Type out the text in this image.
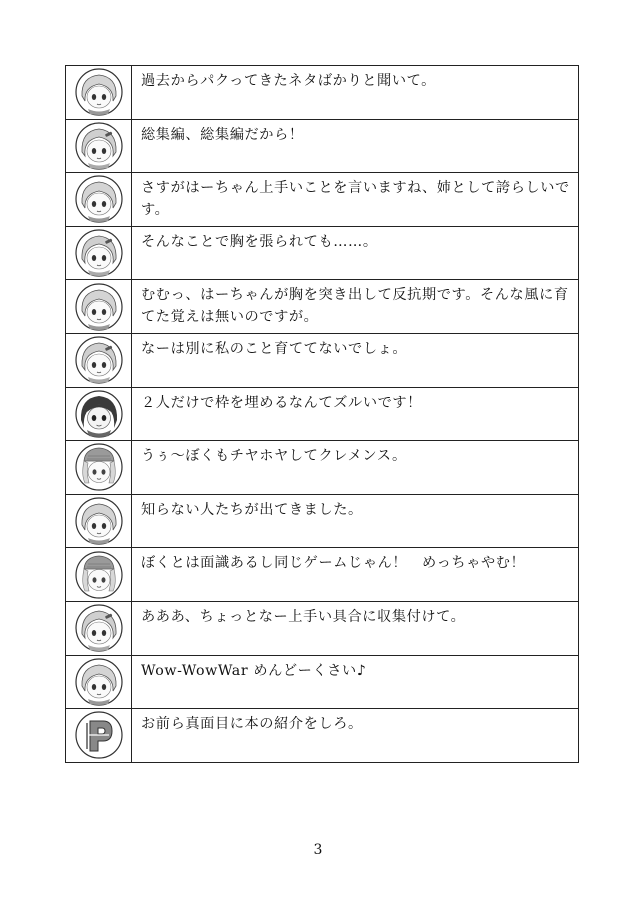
過去からパクってきたネタばかりと聞いて。
総集編、総集編だから！
さすがはーちゃん上手いことを言いますね、姉として誇らしいです。
そんなことで胸を張られても……。
むむっ、はーちゃんが胸を突き出して反抗期です。そんな風に育てた覚えは無いのですが。
なーは別に私のこと育ててないでしょ。
２人だけで枠を埋めるなんてズルいです！
うぅ～ぼくもチヤホヤしてクレメンス。
知らない人たちが出てきました。
ぼくとは面識あるし同じゲームじゃん！　めっちゃやむ！
あああ、ちょっとなー上手い具合に収集付けて。
Wow-WowWar めんどーくさい♪
お前ら真面目に本の紹介をしろ。
3
